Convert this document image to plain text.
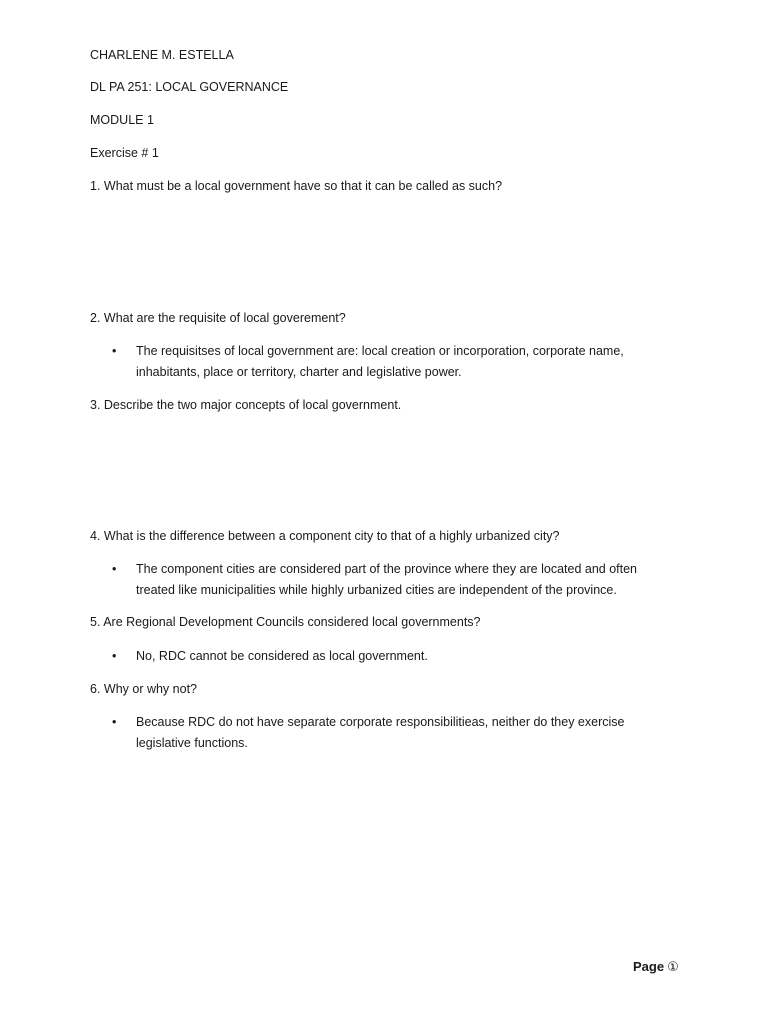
CHARLENE M. ESTELLA
DL PA 251: LOCAL GOVERNANCE
MODULE 1
Exercise # 1
1. What must be a local government have so that it can be called as such?
2. What are the requisite of local goverement?
• The requisitses of local government are: local creation or incorporation, corporate name,
inhabitants, place or territory, charter and legislative power.
3. Describe the two major concepts of local government.
4. What is the difference between a component city to that of a highly urbanized city?
• The component cities are considered part of the province where they are located and often
treated like municipalities while highly urbanized cities are independent of the province.
5. Are Regional Development Councils considered local governments?
• No, RDC cannot be considered as local government.
6. Why or why not?
• Because RDC do not have separate corporate responsibilitieas, neither do they exercise
legislative functions.
Page ①
